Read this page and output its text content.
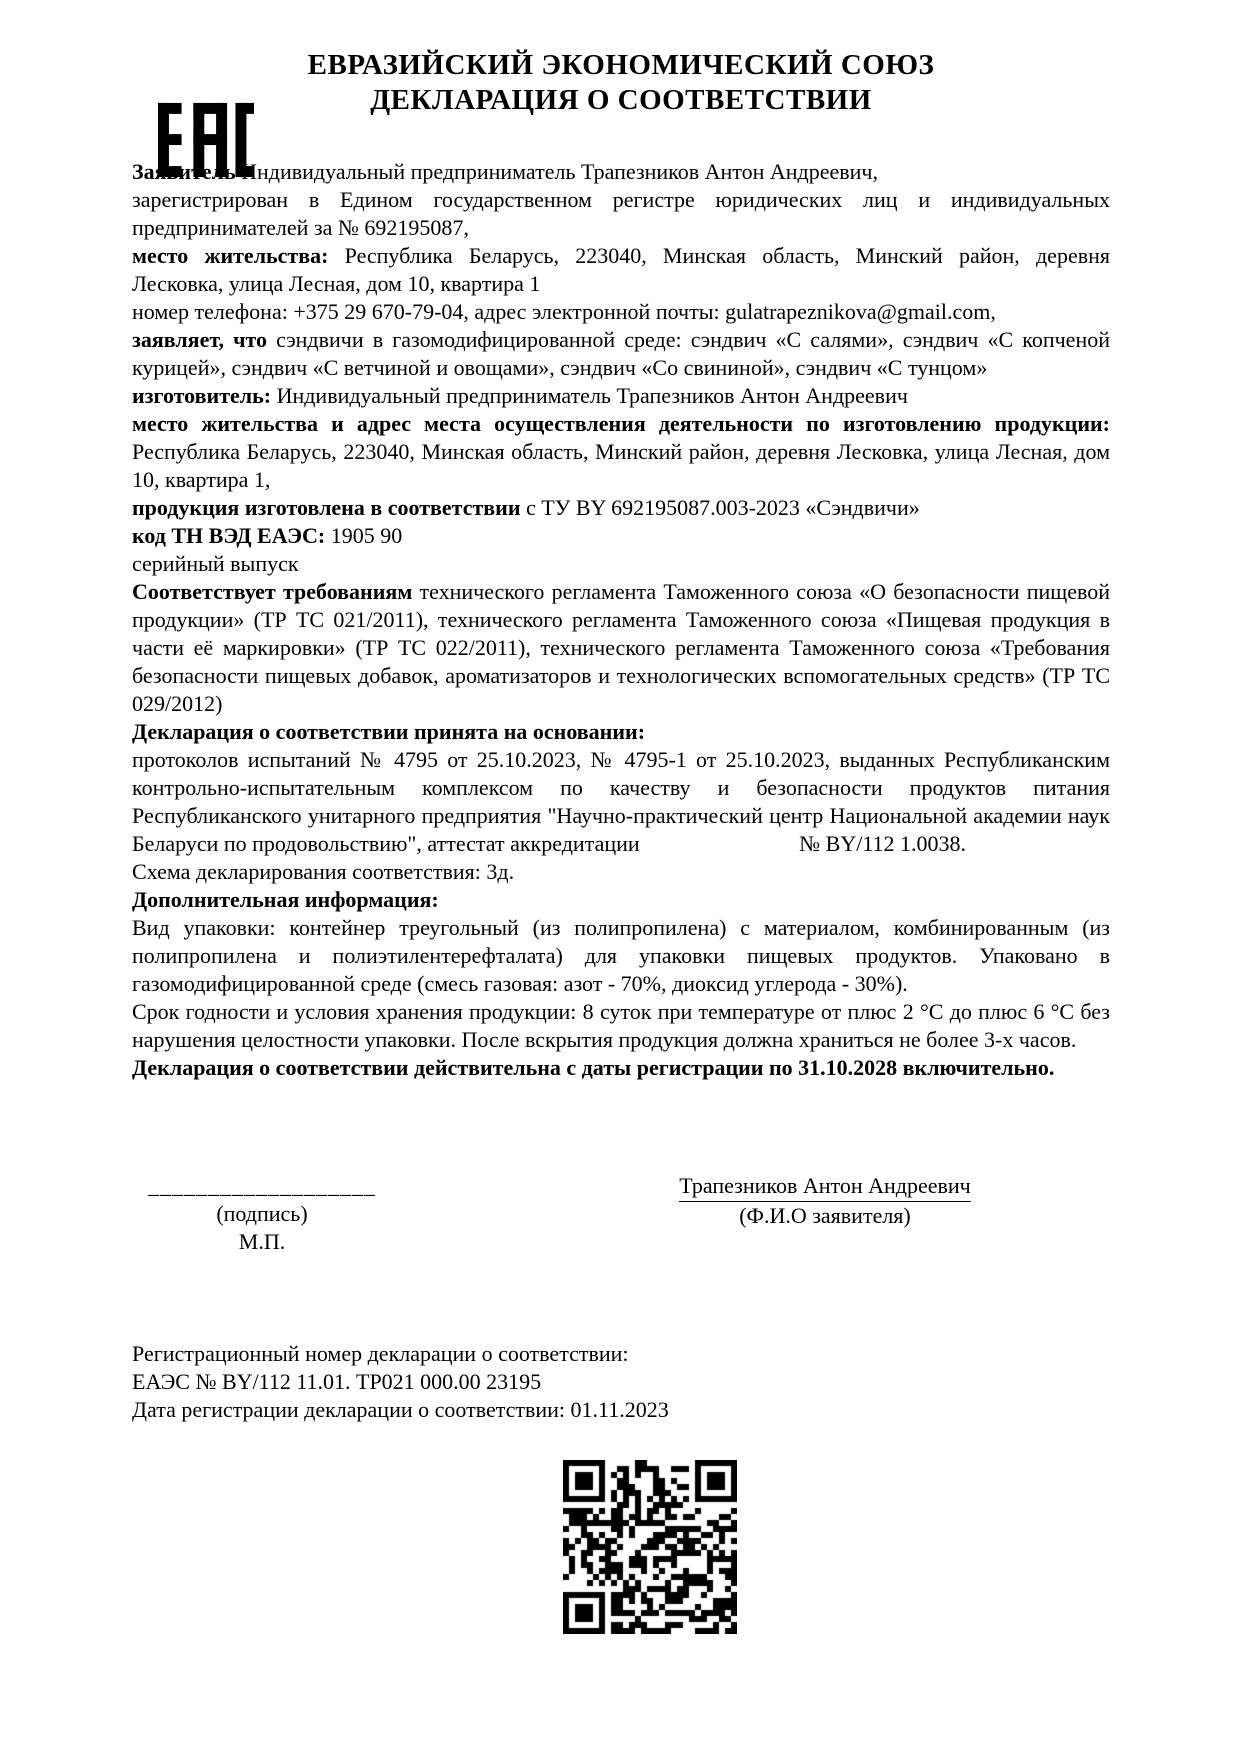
ЕВРАЗИЙСКИЙ ЭКОНОМИЧЕСКИЙ СОЮЗ
ДЕКЛАРАЦИЯ О СООТВЕТСТВИИ

Заявитель Индивидуальный предприниматель Трапезников Антон Андреевич,

зарегистрирован в Едином государственном регистре юридических лиц и индивидуальных предпринимателей за № 692195087,

место жительства: Республика Беларусь, 223040, Минская область, Минский район, деревня Лесковка, улица Лесная, дом 10, квартира 1

номер телефона: +375 29 670-79-04, адрес электронной почты: gulatrapeznikova@gmail.com,

заявляет, что сэндвичи в газомодифицированной среде: сэндвич «С салями», сэндвич «С копченой курицей», сэндвич «С ветчиной и овощами», сэндвич «Со свининой», сэндвич «С тунцом»

изготовитель: Индивидуальный предприниматель Трапезников Антон Андреевич

место жительства и адрес места осуществления деятельности по изготовлению продукции: Республика Беларусь, 223040, Минская область, Минский район, деревня Лесковка, улица Лесная, дом 10, квартира 1,

продукция изготовлена в соответствии с ТУ BY 692195087.003-2023 «Сэндвичи»

код ТН ВЭД ЕАЭС: 1905 90

серийный выпуск

Соответствует требованиям технического регламента Таможенного союза «О безопасности пищевой продукции» (ТР ТС 021/2011), технического регламента Таможенного союза «Пищевая продукция в части её маркировки» (ТР ТС 022/2011), технического регламента Таможенного союза «Требования безопасности пищевых добавок, ароматизаторов и технологических вспомогательных средств» (ТР ТС 029/2012)

Декларация о соответствии принята на основании:

протоколов испытаний № 4795 от 25.10.2023, № 4795-1 от 25.10.2023, выданных Республиканским контрольно-испытательным комплексом по качеству и безопасности продуктов питания Республиканского унитарного предприятия "Научно-практический центр Национальной академии наук Беларуси по продовольствию", аттестат аккредитации                             № BY/112 1.0038.

Схема декларирования соответствия: 3д.

Дополнительная информация:

Вид упаковки: контейнер треугольный (из полипропилена) с материалом, комбинированным (из полипропилена и полиэтилентерефталата) для упаковки пищевых продуктов. Упаковано в газомодифицированной среде (смесь газовая: азот - 70%, диоксид углерода - 30%).

Срок годности и условия хранения продукции: 8 суток при температуре от плюс 2 °С до плюс 6 °С без нарушения целостности упаковки. После вскрытия продукция должна храниться не более 3-х часов.

Декларация о соответствии действительна с даты регистрации по 31.10.2028 включительно.

___________________
(подпись)
М.П.
Трапезников Антон Андреевич
(Ф.И.О заявителя)
Регистрационный номер декларации о соответствии:
ЕАЭС № BY/112 11.01. ТР021 000.00 23195
Дата регистрации декларации о соответствии: 01.11.2023
